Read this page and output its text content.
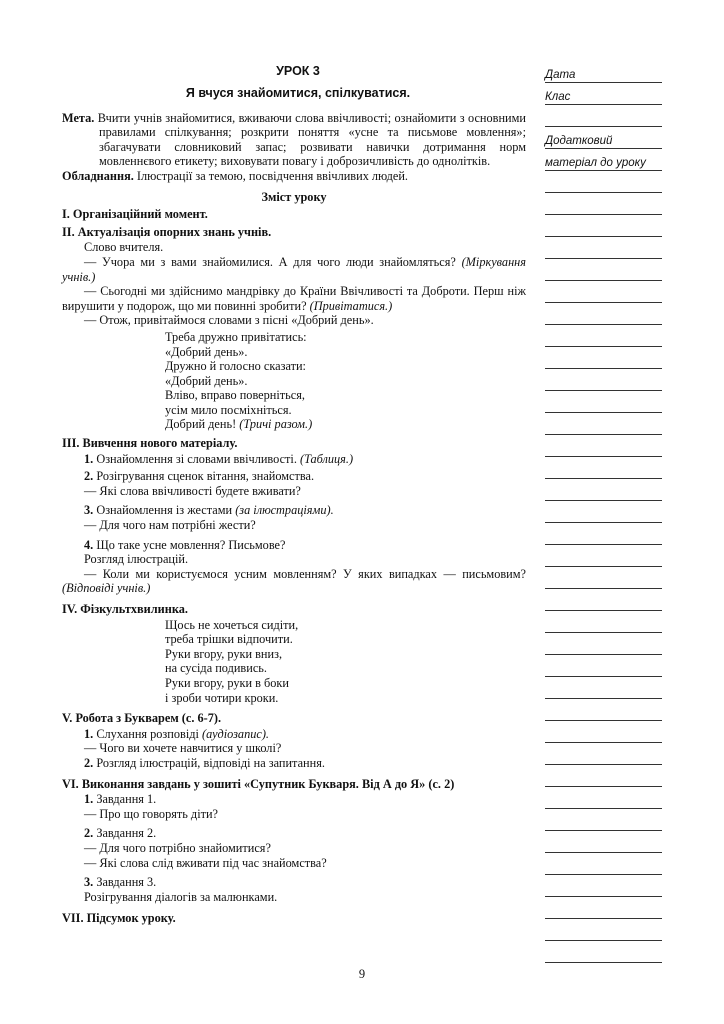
УРОК 3
Я вчуся знайомитися, спілкуватися.

Мета. Вчити учнів знайомитися, вживаючи слова ввічливості; ознайомити з основними правилами спілкування; розкрити поняття «усне та письмове мовлення»; збагачувати словниковий запас; розвивати навички дотримання норм мовленнєвого етикету; виховувати повагу і доброзичливість до однолітків.

Обладнання. Ілюстрації за темою, посвідчення ввічливих людей.

Зміст уроку
I. Організаційний момент.
II. Актуалізація опорних знань учнів.

Слово вчителя.

— Учора ми з вами знайомилися. А для чого люди знайомляться? (Міркування учнів.)

— Сьогодні ми здійснимо мандрівку до Країни Ввічливості та Доброти. Перш ніж вирушити у подорож, що ми повинні зробити? (Привітатися.)

— Отож, привітаймося словами з пісні «Добрий день».

Треба дружно привітатись:
«Добрий день».
Дружно й голосно сказати:
«Добрий день».
Вліво, вправо поверніться,
усім мило посміхніться.
Добрий день! (Тричі разом.)
III. Вивчення нового матеріалу.

1. Ознайомлення зі словами ввічливості. (Таблиця.)

2. Розігрування сценок вітання, знайомства.

— Які слова ввічливості будете вживати?

3. Ознайомлення із жестами (за ілюстраціями).

— Для чого нам потрібні жести?

4. Що таке усне мовлення? Письмове?

Розгляд ілюстрацій.

— Коли ми користуємося усним мовленням? У яких випадках — письмовим? (Відповіді учнів.)

IV. Фізкультхвилинка.
Щось не хочеться сидіти,
треба трішки відпочити.
Руки вгору, руки вниз,
на сусіда подивись.
Руки вгору, руки в боки
і зроби чотири кроки.
V. Робота з Букварем (с. 6-7).

1. Слухання розповіді (аудіозапис).

— Чого ви хочете навчитися у школі?

2. Розгляд ілюстрацій, відповіді на запитання.

VI. Виконання завдань у зошиті «Супутник Букваря. Від А до Я» (с. 2)

1. Завдання 1.

— Про що говорять діти?

2. Завдання 2.

— Для чого потрібно знайомитися?

— Які слова слід вживати під час знайомства?

3. Завдання 3.

Розігрування діалогів за малюнками.

VII. Підсумок уроку.
Дата
Клас
Додатковий
матеріал до уроку
9
